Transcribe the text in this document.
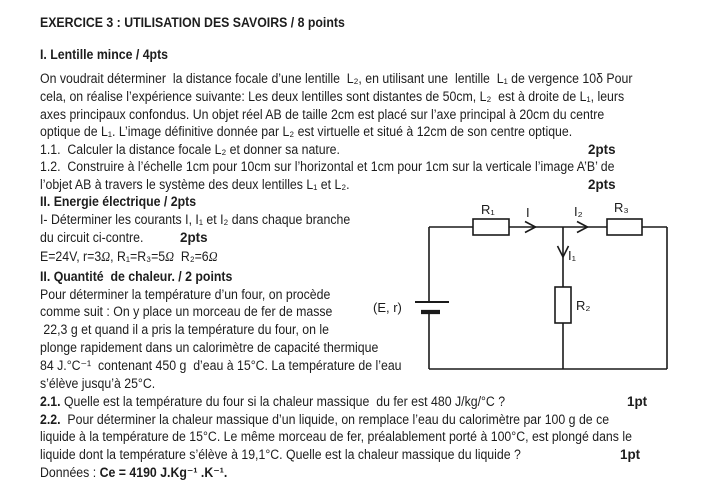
EXERCICE 3 : UTILISATION DES SAVOIRS / 8 points
I. Lentille mince / 4pts
On voudrait déterminer  la distance focale d’une lentille  L₂, en utilisant une  lentille  L₁ de vergence 10δ Pour
cela, on réalise l’expérience suivante: Les deux lentilles sont distantes de 50cm, L₂  est à droite de L₁, leurs
axes principaux confondus. Un objet réel AB de taille 2cm est placé sur l’axe principal à 20cm du centre
optique de L₁. L’image définitive donnée par L₂ est virtuelle et situé à 12cm de son centre optique.
1.1.  Calculer la distance focale L₂ et donner sa nature.	2pts
1.2.  Construire à l’échelle 1cm pour 10cm sur l’horizontal et 1cm pour 1cm sur la verticale l’image A’B’ de
l’objet AB à travers le système des deux lentilles L₁ et L₂.	2pts
II. Energie électrique / 2pts
I- Déterminer les courants I, I₁ et I₂ dans chaque branche
du circuit ci-contre.	2pts
E=24V, r=3Ω, R₁=R₃=5Ω  R₂=6Ω
II. Quantité  de chaleur. / 2 points
Pour déterminer la température d’un four, on procède
comme suit : On y place un morceau de fer de masse
22,3 g et quand il a pris la température du four, on le
plonge rapidement dans un calorimètre de capacité thermique
84 J.°C⁻¹  contenant 450 g  d’eau à 15°C. La température de l’eau
s’élève jusqu’à 25°C.
2.1. Quelle est la température du four si la chaleur massique  du fer est 480 J/kg/°C ?	1pt
2.2.  Pour déterminer la chaleur massique d’un liquide, on remplace l’eau du calorimètre par 100 g de ce
liquide à la température de 15°C. Le même morceau de fer, préalablement porté à 100°C, est plongé dans le
liquide dont la température s’élève à 19,1°C. Quelle est la chaleur massique du liquide ?	1pt
Données : Ce = 4190 J.Kg⁻¹ .K⁻¹.
R₁	R₃
I	I₂
I₁
R₂
(E, r)
